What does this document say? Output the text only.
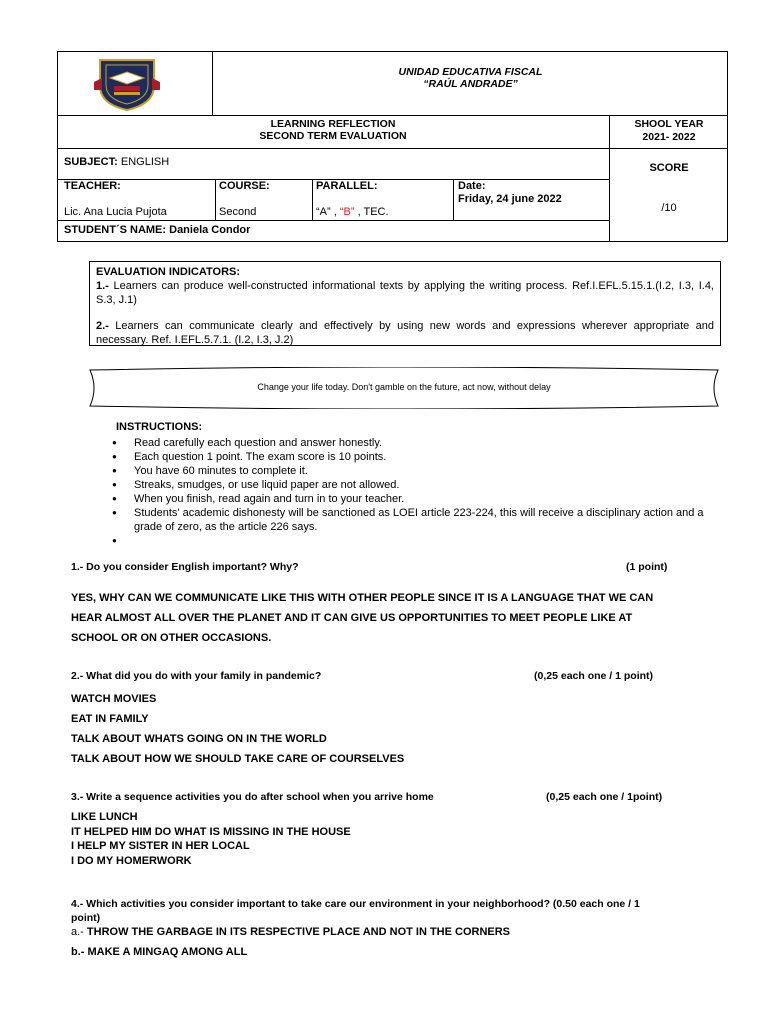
UNIDAD EDUCATIVA FISCAL
“RAÚL ANDRADE”
LEARNING REFLECTION
SECOND TERM EVALUATION
SHOOL YEAR
2021- 2022
SUBJECT: ENGLISH	SCORE
/10
TEACHER:
Lic. Ana Lucia Pujota
COURSE:
Second
PARALLEL:
“A” , “B” , TEC.
Date:
Friday, 24 june 2022
STUDENT´S NAME: Daniela Condor
EVALUATION INDICATORS:

1.- Learners can produce well-constructed informational texts by applying the writing process. Ref.I.EFL.5.15.1.(I.2, I.3, I.4, S.3, J.1)

2.- Learners can communicate clearly and effectively by using new words and expressions wherever appropriate and necessary. Ref. I.EFL.5.7.1. (I.2, I.3, J.2)

Change your life today. Don't gamble on the future, act now, without delay
INSTRUCTIONS:
● Read carefully each question and answer honestly.
● Each question 1 point. The exam score is 10 points.
● You have 60 minutes to complete it.
● Streaks, smudges, or use liquid paper are not allowed.
● When you finish, read again and turn in to your teacher.
● Students' academic dishonesty will be sanctioned as LOEI article 223-224, this will receive a disciplinary action and a grade of zero, as the article 226 says.
●
1.- Do you consider English important? Why?	(1 point)
YES, WHY CAN WE COMMUNICATE LIKE THIS WITH OTHER PEOPLE SINCE IT IS A LANGUAGE THAT WE CAN
HEAR ALMOST ALL OVER THE PLANET AND IT CAN GIVE US OPPORTUNITIES TO MEET PEOPLE LIKE AT
SCHOOL OR ON OTHER OCCASIONS.
2.- What did you do with your family in pandemic?	(0,25 each one / 1 point)
WATCH MOVIES
EAT IN FAMILY
TALK ABOUT WHATS GOING ON IN THE WORLD
TALK ABOUT HOW WE SHOULD TAKE CARE OF COURSELVES
3.- Write a sequence activities you do after school when you arrive home	(0,25 each one / 1point)
LIKE LUNCH
IT HELPED HIM DO WHAT IS MISSING IN THE HOUSE
I HELP MY SISTER IN HER LOCAL
I DO MY HOMERWORK
4.- Which activities you consider important to take care our environment in your neighborhood? (0.50 each one / 1
point)
a.- THROW THE GARBAGE IN ITS RESPECTIVE PLACE AND NOT IN THE CORNERS
b.- MAKE A MINGAQ AMONG ALL
